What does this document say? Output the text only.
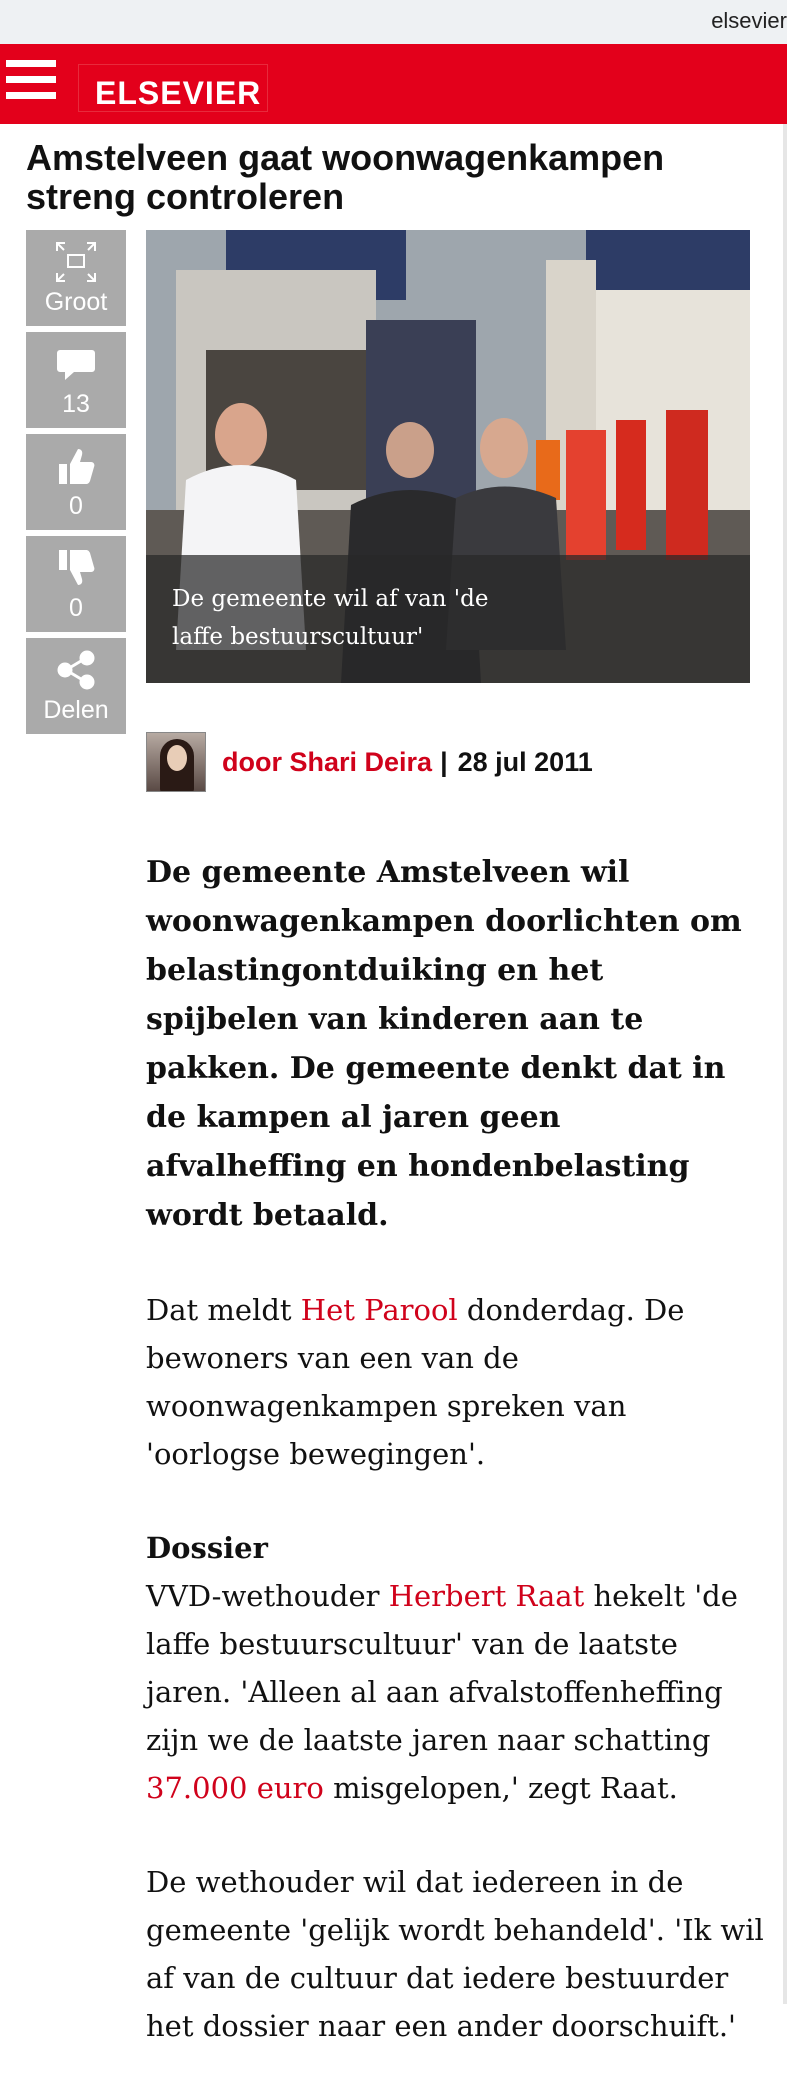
elsevier
ELSEVIER
Amstelveen gaat woonwagenkampen streng controleren
Groot
13
0
0
Delen
De gemeente wil af van 'de laffe bestuurscultuur'
door Shari Deira | 28 jul 2011

De gemeente Amstelveen wil woonwagenkampen doorlichten om belastingontduiking en het spijbelen van kinderen aan te pakken. De gemeente denkt dat in de kampen al jaren geen afvalheffing en hondenbelasting wordt betaald.

Dat meldt Het Parool donderdag. De bewoners van een van de woonwagenkampen spreken van 'oorlogse bewegingen'.

Dossier

VVD-wethouder Herbert Raat hekelt 'de laffe bestuurscultuur' van de laatste jaren. 'Alleen al aan afvalstoffenheffing zijn we de laatste jaren naar schatting 37.000 euro misgelopen,' zegt Raat.

De wethouder wil dat iedereen in de gemeente 'gelijk wordt behandeld'. 'Ik wil af van de cultuur dat iedere bestuurder het dossier naar een ander doorschuift.'
